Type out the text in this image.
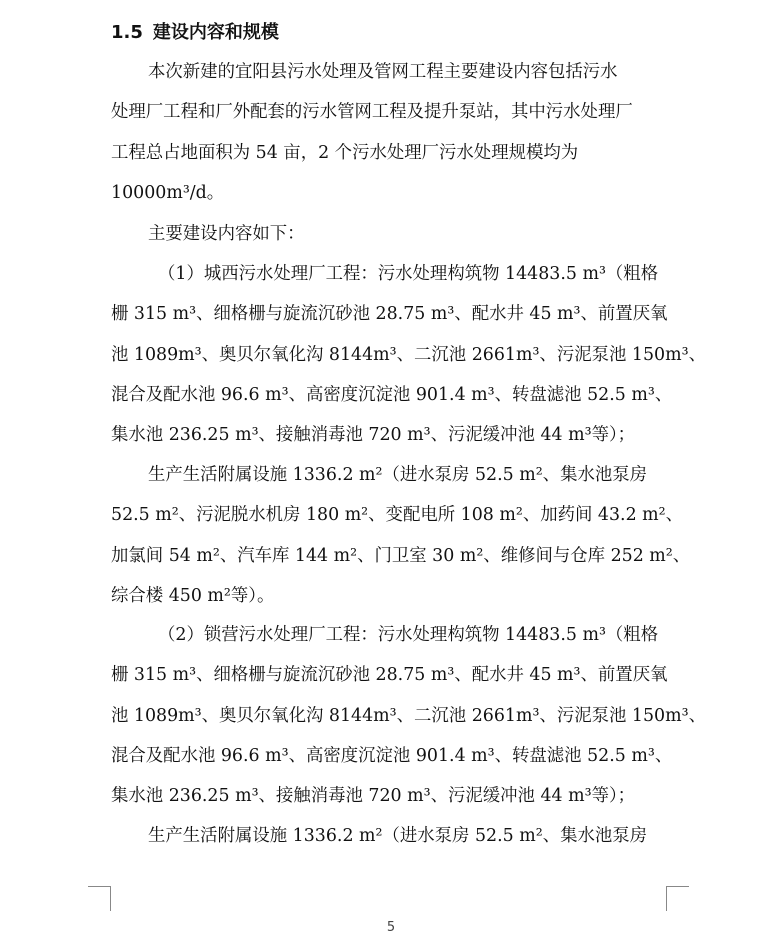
1.5 建设内容和规模

本次新建的宜阳县污水处理及管网工程主要建设内容包括污水
处理厂工程和厂外配套的污水管网工程及提升泵站，其中污水处理厂
工程总占地面积为 54 亩，2 个污水处理厂污水处理规模均为
10000m³/d。

主要建设内容如下：

（1）城西污水处理厂工程：污水处理构筑物 14483.5 m³（粗格
栅 315 m³、细格栅与旋流沉砂池 28.75 m³、配水井 45 m³、前置厌氧
池 1089m³、奥贝尔氧化沟 8144m³、二沉池 2661m³、污泥泵池 150m³、
混合及配水池 96.6 m³、高密度沉淀池 901.4 m³、转盘滤池 52.5 m³、
集水池 236.25 m³、接触消毒池 720 m³、污泥缓冲池 44 m³等）；

生产生活附属设施 1336.2 m²（进水泵房 52.5 m²、集水池泵房
52.5 m²、污泥脱水机房 180 m²、变配电所 108 m²、加药间 43.2 m²、
加氯间 54 m²、汽车库 144 m²、门卫室 30 m²、维修间与仓库 252 m²、
综合楼 450 m²等）。

（2）锁营污水处理厂工程：污水处理构筑物 14483.5 m³（粗格
栅 315 m³、细格栅与旋流沉砂池 28.75 m³、配水井 45 m³、前置厌氧
池 1089m³、奥贝尔氧化沟 8144m³、二沉池 2661m³、污泥泵池 150m³、
混合及配水池 96.6 m³、高密度沉淀池 901.4 m³、转盘滤池 52.5 m³、
集水池 236.25 m³、接触消毒池 720 m³、污泥缓冲池 44 m³等）；

生产生活附属设施 1336.2 m²（进水泵房 52.5 m²、集水池泵房

5
